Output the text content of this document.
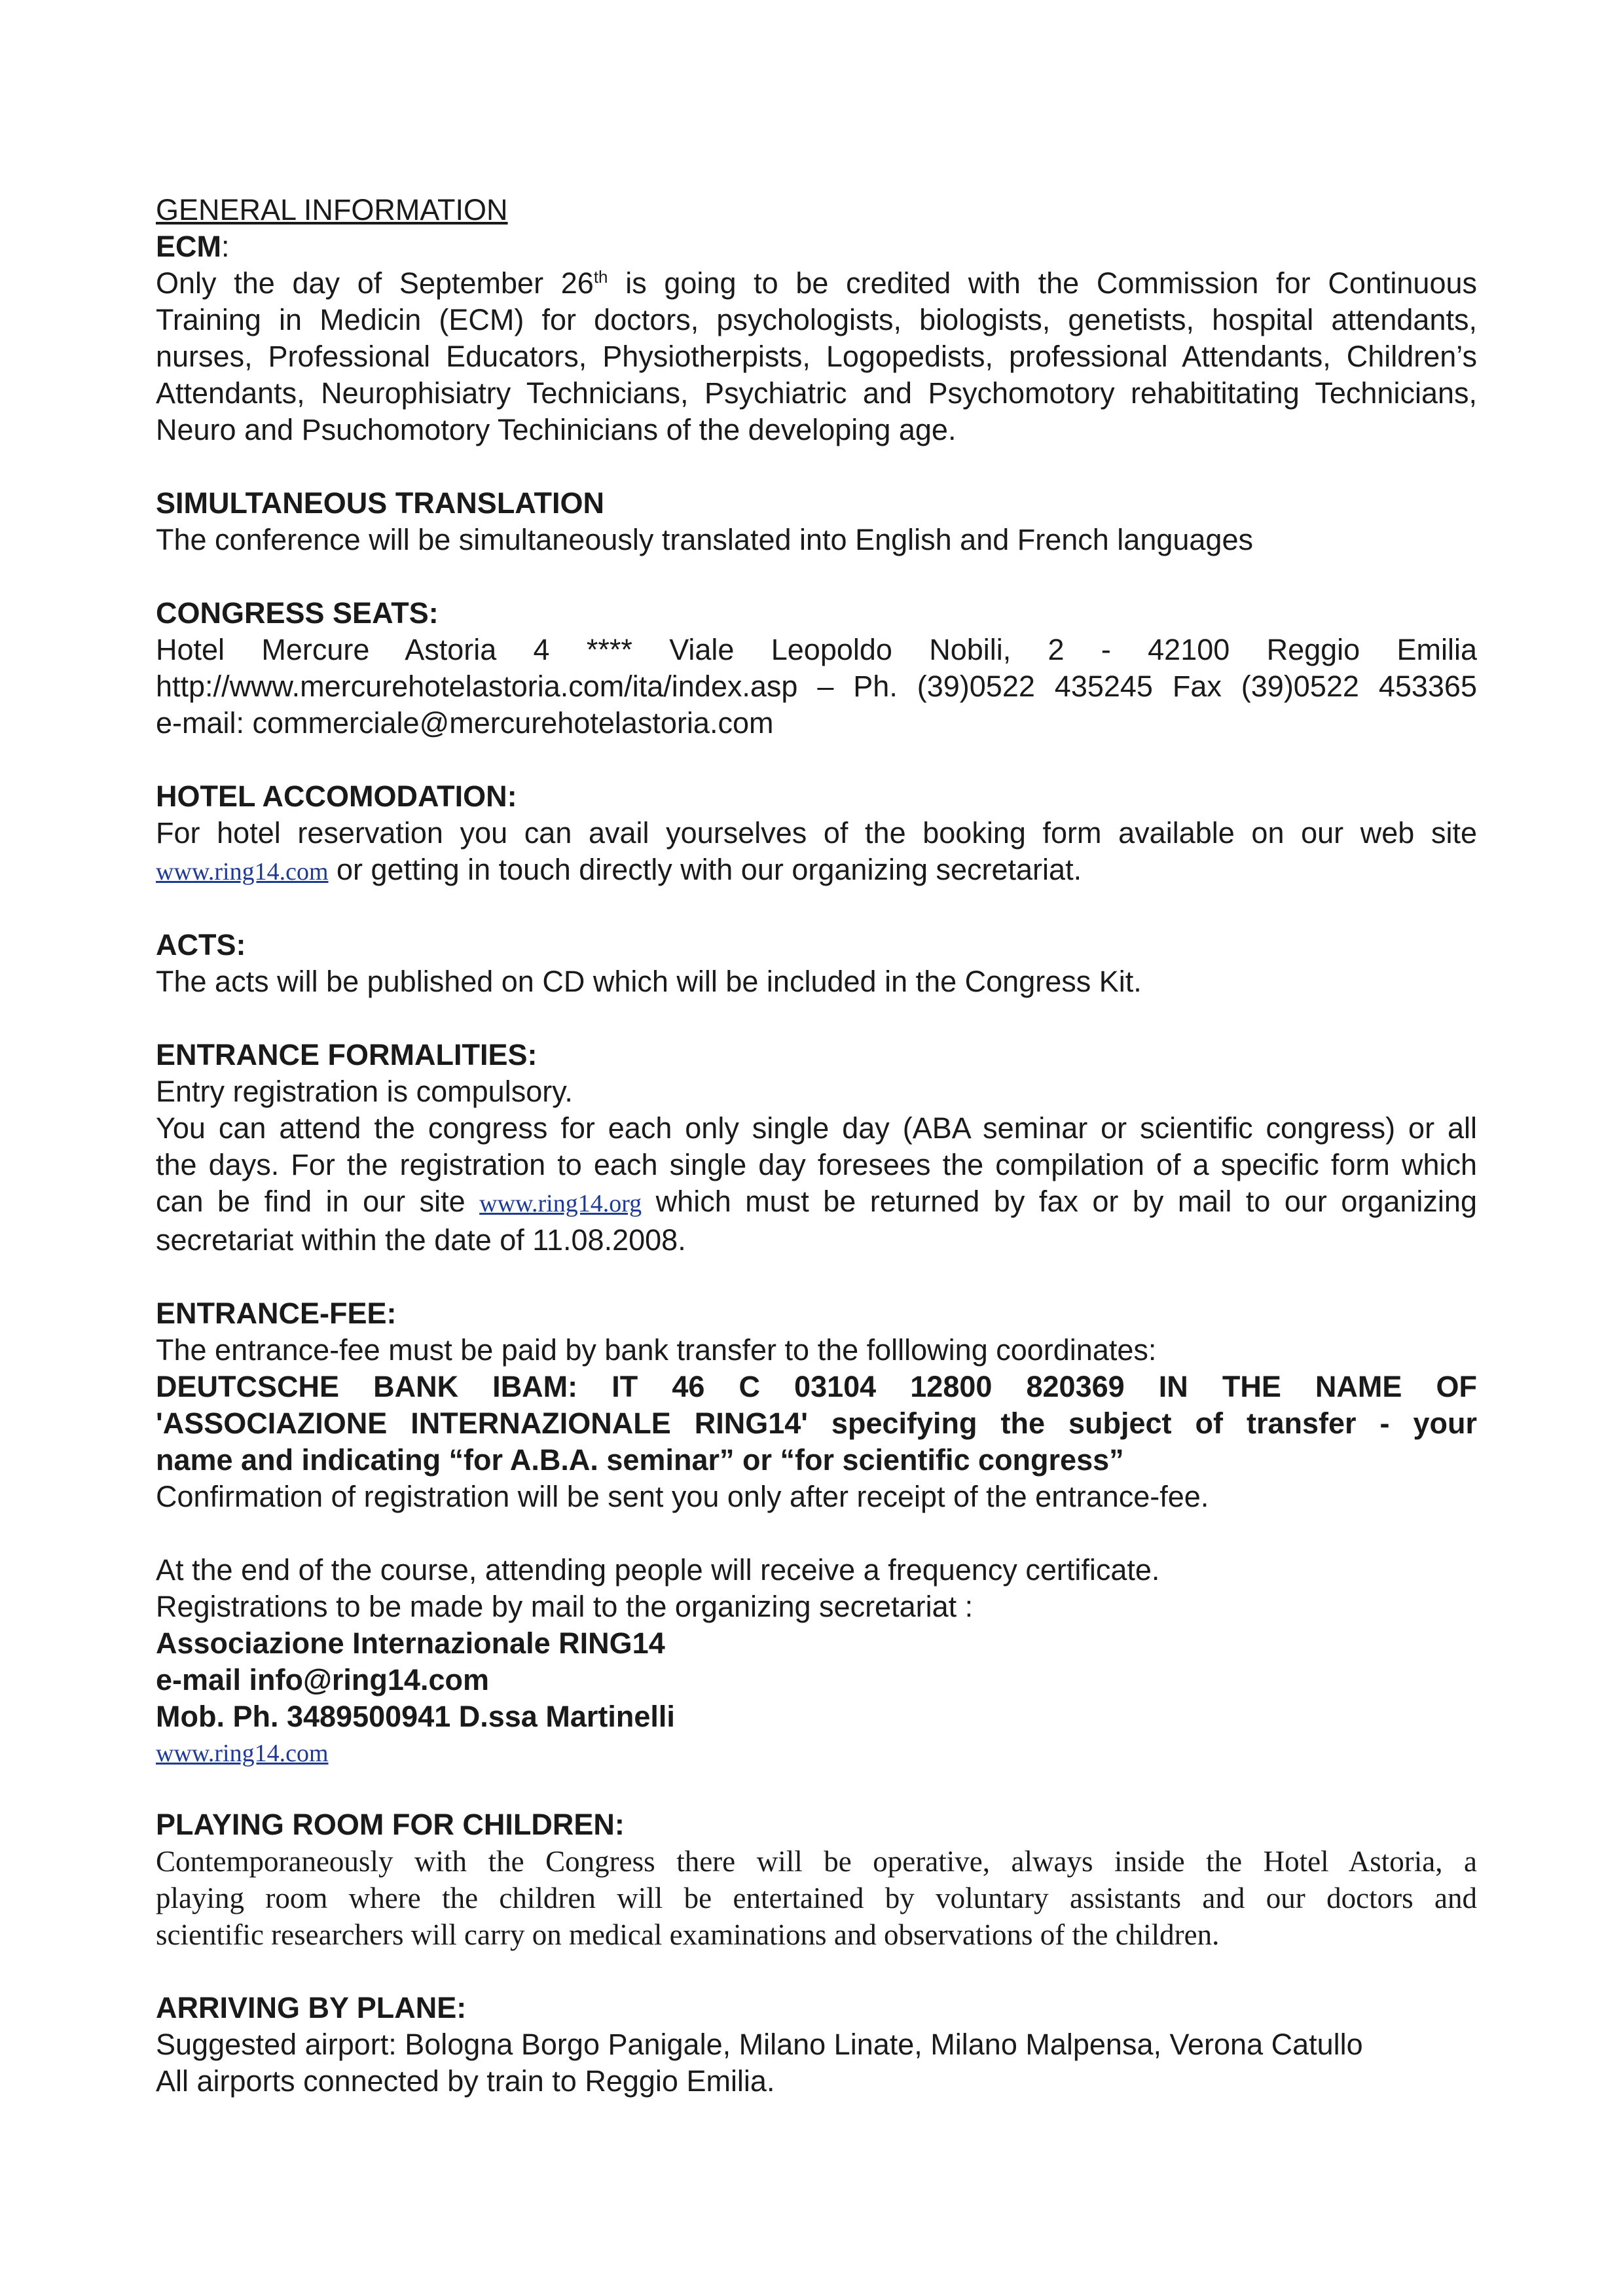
GENERAL INFORMATION
ECM:
Only the day of September 26th is going to be credited with the Commission for Continuous
Training in Medicin (ECM) for doctors, psychologists, biologists, genetists, hospital attendants,
nurses, Professional Educators, Physiotherpists, Logopedists, professional Attendants, Children’s
Attendants, Neurophisiatry Technicians, Psychiatric and Psychomotory rehabititating Technicians,
Neuro and Psuchomotory Techinicians of the developing age.
SIMULTANEOUS TRANSLATION
The conference will be simultaneously translated into English and French languages
CONGRESS SEATS:
Hotel Mercure Astoria 4 **** Viale Leopoldo Nobili, 2 - 42100 Reggio Emilia
http://www.mercurehotelastoria.com/ita/index.asp – Ph. (39)0522 435245 Fax (39)0522 453365
e-mail: commerciale@mercurehotelastoria.com
HOTEL ACCOMODATION:
For hotel reservation you can avail yourselves of the booking form available on our web site
www.ring14.com or getting in touch directly with our organizing secretariat.
ACTS:
The acts will be published on CD which will be included in the Congress Kit.
ENTRANCE FORMALITIES:
Entry registration is compulsory.
You can attend the congress for each only single day (ABA seminar or scientific congress) or all
the days. For the registration to each single day foresees the compilation of a specific form which
can be find in our site www.ring14.org which must be returned by fax or by mail to our organizing
secretariat within the date of 11.08.2008.
ENTRANCE-FEE:
The entrance-fee must be paid by bank transfer to the folllowing coordinates:
DEUTCSCHE BANK IBAM: IT 46 C 03104 12800 820369 IN THE NAME OF
'ASSOCIAZIONE INTERNAZIONALE RING14' specifying the subject of transfer - your
name and indicating “for A.B.A. seminar” or “for scientific congress”
Confirmation of registration will be sent you only after receipt of the entrance-fee.
At the end of the course, attending people will receive a frequency certificate.
Registrations to be made by mail to the organizing secretariat :
Associazione Internazionale RING14
e-mail info@ring14.com
Mob. Ph. 3489500941 D.ssa Martinelli
www.ring14.com
PLAYING ROOM FOR CHILDREN:
Contemporaneously with the Congress there will be operative, always inside the Hotel Astoria, a
playing room where the children will be entertained by voluntary assistants and our doctors and
scientific researchers will carry on medical examinations and observations of the children.
ARRIVING BY PLANE:
Suggested airport: Bologna Borgo Panigale, Milano Linate, Milano Malpensa, Verona Catullo
All airports connected by train to Reggio Emilia.
